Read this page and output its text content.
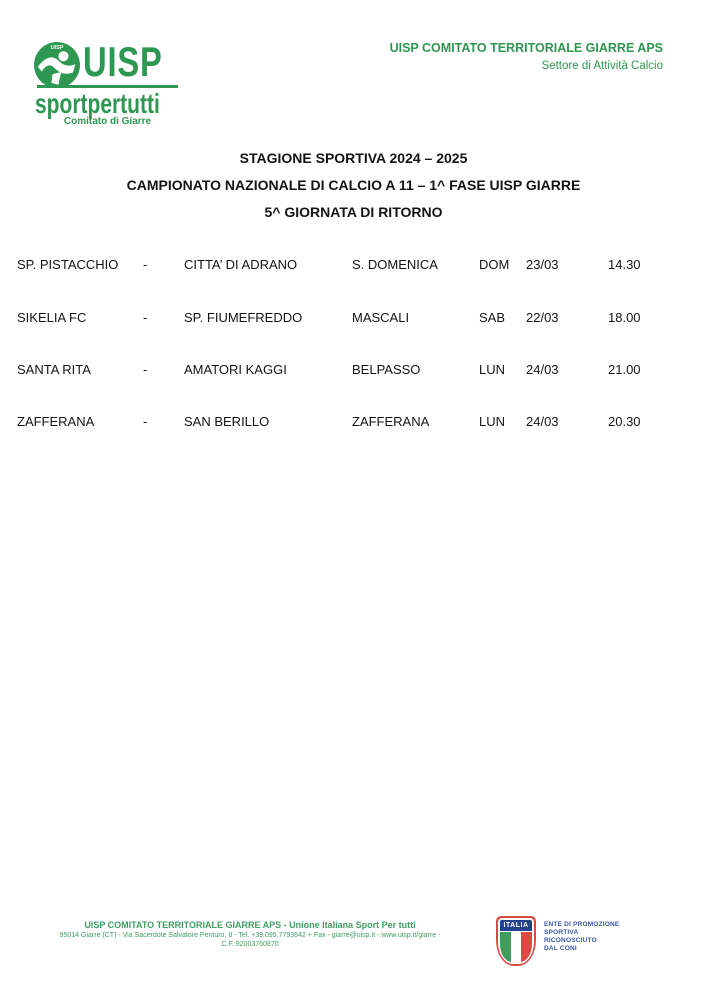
UISP UISP
sportpertutti
Comitato di Giarre
UISP COMITATO TERRITORIALE GIARRE APS
Settore di Attività Calcio
STAGIONE SPORTIVA 2024 – 2025
CAMPIONATO NAZIONALE DI CALCIO A 11 – 1^ FASE UISP GIARRE
5^ GIORNATA DI RITORNO
SP. PISTACCHIO -	CITTA’ DI ADRANO	S. DOMENICA	DOM 23/03	14.30
SIKELIA FC	-	SP. FIUMEFREDDO	MASCALI	SAB 22/03	18.00
SANTA RITA	-	AMATORI KAGGI	BELPASSO	LUN 24/03	21.00
ZAFFERANA	-	SAN BERILLO	ZAFFERANA	LUN 24/03	20.30
UISP COMITATO TERRITORIALE GIARRE APS - Unione Italiana Sport Per tutti
95014 Giarre (CT) - Via Sacerdote Salvatore Penturo, 8 - Tel. +39.095.7793642 + Fax - giarre@uisp.it - www.uisp.it/giarre -
C.F.:92003760870
ITALIA	ENTE DI PROMOZIONE
SPORTIVA
RICONOSCIUTO
DAL CONI
